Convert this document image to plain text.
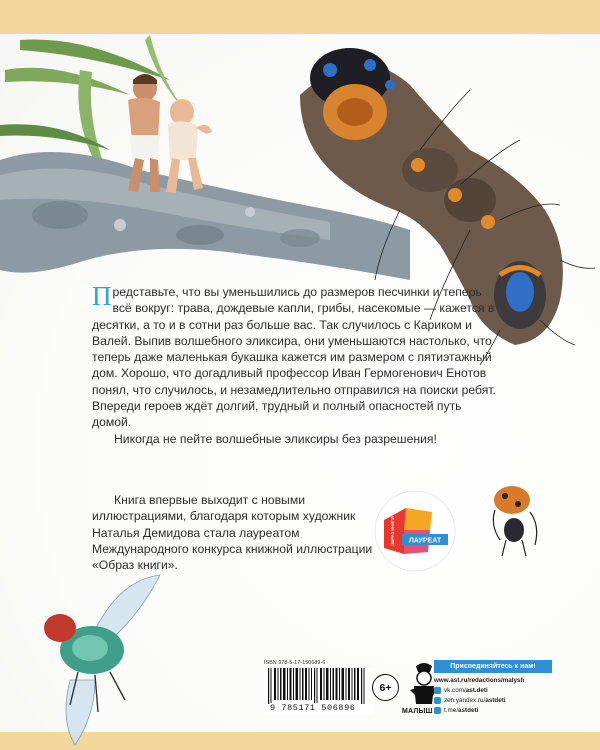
Представьте, что вы уменьшились до размеров песчинки и теперь всё вокруг: трава, дождевые капли, грибы, насекомые — кажется в десятки, а то и в сотни раз больше вас. Так случилось с Кариком и Валей. Выпив волшебного эликсира, они уменьшаются настолько, что теперь даже маленькая букашка кажется им размером с пятиэтажный дом. Хорошо, что догадливый профессор Иван Гермогенович Енотов понял, что случилось, и незамедлительно отправился на поиски ребят. Впереди героев ждёт долгий, трудный и полный опасностей путь домой.

Никогда не пейте волшебные эликсиры без разрешения!

Книга впервые выходит с новыми иллюстрациями, благодаря которым художник Наталья Демидова стала лауреатом Международного конкурса книжной иллюстрации «Образ книги».

ЛАУРЕАТ
ОБРАЗ КНИГИ
ISBN 978-5-17-150689-6
9 785171 506896
6+
МАЛЫШ
Присоединяйтесь к нам!
www.ast.ru/redactions/malysh
vk.com/ ast.deti
zen.yandex.ru/ astdeti
t.me/ astdeti
